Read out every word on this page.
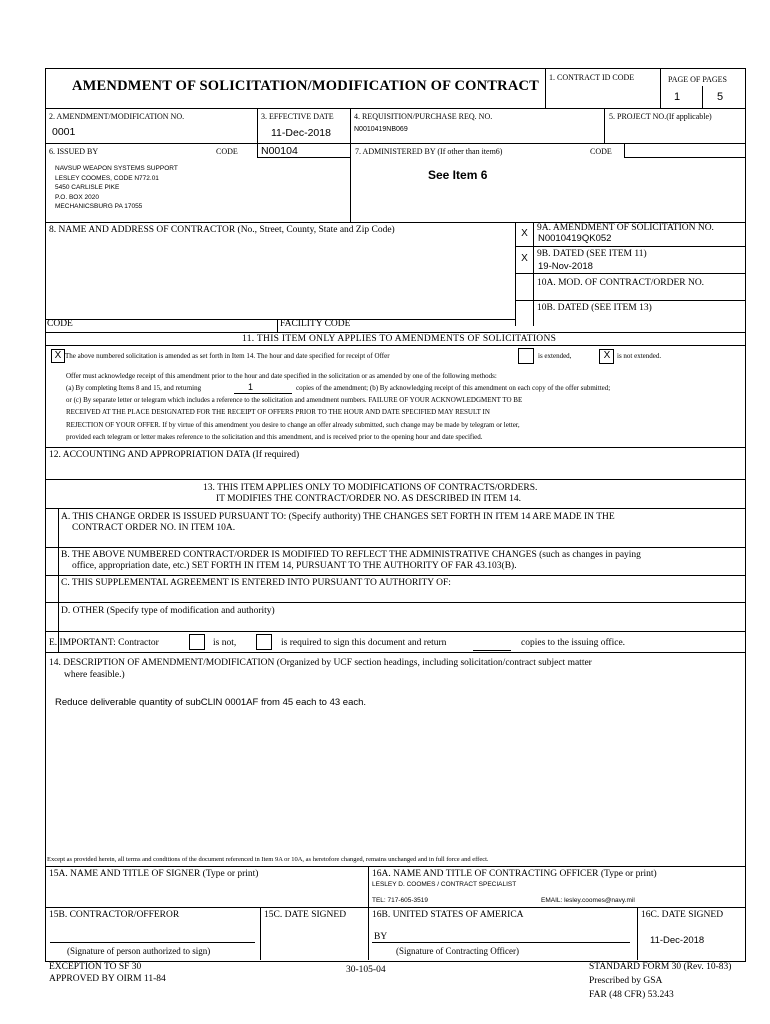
AMENDMENT OF SOLICITATION/MODIFICATION OF CONTRACT
1. CONTRACT ID CODE	PAGE OF PAGES
1	5
2. AMENDMENT/MODIFICATION NO.
0001
3. EFFECTIVE DATE
11-Dec-2018
4. REQUISITION/PURCHASE REQ. NO.
N0010419NB069
5. PROJECT NO.(If applicable)
6. ISSUED BY	CODE N00104	7. ADMINISTERED BY (If other than item6)	CODE
NAVSUP WEAPON SYSTEMS SUPPORT
LESLEY COOMES, CODE N772.01
5450 CARLISLE PIKE
P.O. BOX 2020
MECHANICSBURG PA 17055
See Item 6
8. NAME AND ADDRESS OF CONTRACTOR (No., Street, County, State and Zip Code)	X 9A. AMENDMENT OF SOLICITATION NO.
N0010419QK052
X 9B. DATED (SEE ITEM 11)
19-Nov-2018
10A. MOD. OF CONTRACT/ORDER NO.
10B. DATED (SEE ITEM 13)
CODE	FACILITY CODE
11. THIS ITEM ONLY APPLIES TO AMENDMENTS OF SOLICITATIONS
X The above numbered solicitation is amended as set forth in Item 14. The hour and date specified for receipt of Offer	is extended,	X is not extended.
Offer must acknowledge receipt of this amendment prior to the hour and date specified in the solicitation or as amended by one of the following methods:
(a) By completing Items 8 and 15, and returning	1	copies of the amendment; (b) By acknowledging receipt of this amendment on each copy of the offer submitted;
or (c) By separate letter or telegram which includes a reference to the solicitation and amendment numbers. FAILURE OF YOUR ACKNOWLEDGMENT TO BE
RECEIVED AT THE PLACE DESIGNATED FOR THE RECEIPT OF OFFERS PRIOR TO THE HOUR AND DATE SPECIFIED MAY RESULT IN
REJECTION OF YOUR OFFER. If by virtue of this amendment you desire to change an offer already submitted, such change may be made by telegram or letter,
provided each telegram or letter makes reference to the solicitation and this amendment, and is received prior to the opening hour and date specified.
12. ACCOUNTING AND APPROPRIATION DATA (If required)
13. THIS ITEM APPLIES ONLY TO MODIFICATIONS OF CONTRACTS/ORDERS.
IT MODIFIES THE CONTRACT/ORDER NO. AS DESCRIBED IN ITEM 14.
A. THIS CHANGE ORDER IS ISSUED PURSUANT TO: (Specify authority) THE CHANGES SET FORTH IN ITEM 14 ARE MADE IN THE
CONTRACT ORDER NO. IN ITEM 10A.
B. THE ABOVE NUMBERED CONTRACT/ORDER IS MODIFIED TO REFLECT THE ADMINISTRATIVE CHANGES (such as changes in paying
office, appropriation date, etc.) SET FORTH IN ITEM 14, PURSUANT TO THE AUTHORITY OF FAR 43.103(B).
C. THIS SUPPLEMENTAL AGREEMENT IS ENTERED INTO PURSUANT TO AUTHORITY OF:
D. OTHER (Specify type of modification and authority)
E. IMPORTANT: Contractor	is not,	is required to sign this document and return	copies to the issuing office.
14. DESCRIPTION OF AMENDMENT/MODIFICATION (Organized by UCF section headings, including solicitation/contract subject matter
where feasible.)
Reduce deliverable quantity of subCLIN 0001AF from 45 each to 43 each.
Except as provided herein, all terms and conditions of the document referenced in Item 9A or 10A, as heretofore changed, remains unchanged and in full force and effect.
15A. NAME AND TITLE OF SIGNER (Type or print)	16A. NAME AND TITLE OF CONTRACTING OFFICER (Type or print)
LESLEY D. COOMES / CONTRACT SPECIALIST
TEL: 717-605-3519	EMAIL: lesley.coomes@navy.mil
15B. CONTRACTOR/OFFEROR	15C. DATE SIGNED	16B. UNITED STATES OF AMERICA	16C. DATE SIGNED
(Signature of person authorized to sign)
BY
(Signature of Contracting Officer)
11-Dec-2018
EXCEPTION TO SF 30
APPROVED BY OIRM 11-84
30-105-04	STANDARD FORM 30 (Rev. 10-83)
Prescribed by GSA
FAR (48 CFR) 53.243
